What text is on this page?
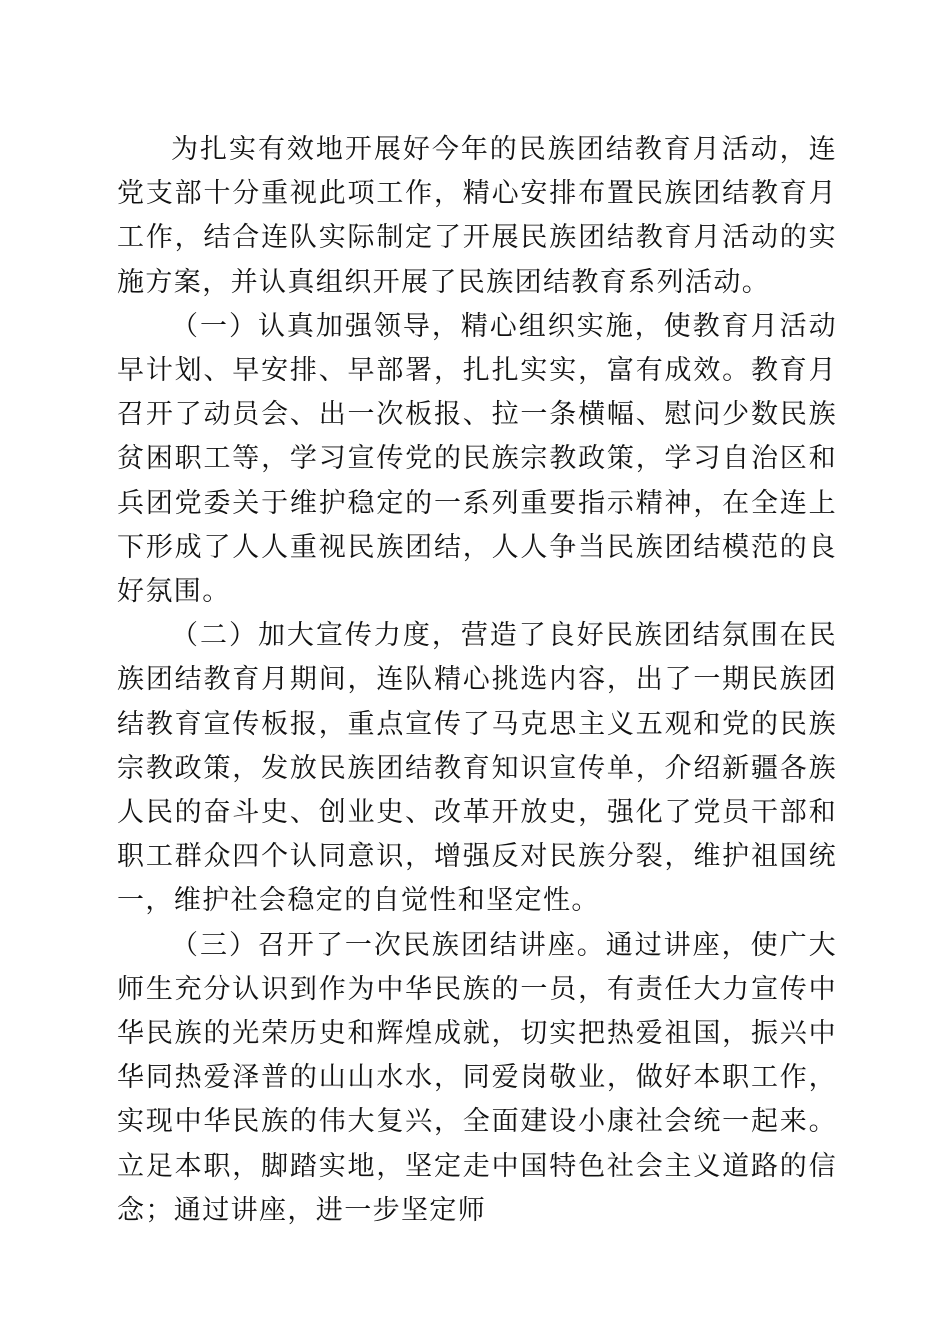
为扎实有效地开展好今年的民族团结教育月活动，连党支部十分重视此项工作，精心安排布置民族团结教育月工作，结合连队实际制定了开展民族团结教育月活动的实施方案，并认真组织开展了民族团结教育系列活动。

（一）认真加强领导，精心组织实施，使教育月活动早计划、早安排、早部署，扎扎实实，富有成效。教育月召开了动员会、出一次板报、拉一条横幅、慰问少数民族贫困职工等，学习宣传党的民族宗教政策，学习自治区和兵团党委关于维护稳定的一系列重要指示精神，在全连上下形成了人人重视民族团结，人人争当民族团结模范的良好氛围。

（二）加大宣传力度，营造了良好民族团结氛围在民族团结教育月期间，连队精心挑选内容，出了一期民族团结教育宣传板报，重点宣传了马克思主义五观和党的民族宗教政策，发放民族团结教育知识宣传单，介绍新疆各族人民的奋斗史、创业史、改革开放史，强化了党员干部和职工群众四个认同意识，增强反对民族分裂，维护祖国统一，维护社会稳定的自觉性和坚定性。

（三）召开了一次民族团结讲座。通过讲座，使广大师生充分认识到作为中华民族的一员，有责任大力宣传中华民族的光荣历史和辉煌成就，切实把热爱祖国，振兴中华同热爱泽普的山山水水，同爱岗敬业，做好本职工作，实现中华民族的伟大复兴，全面建设小康社会统一起来。立足本职，脚踏实地，坚定走中国特色社会主义道路的信念；通过讲座，进一步坚定师
